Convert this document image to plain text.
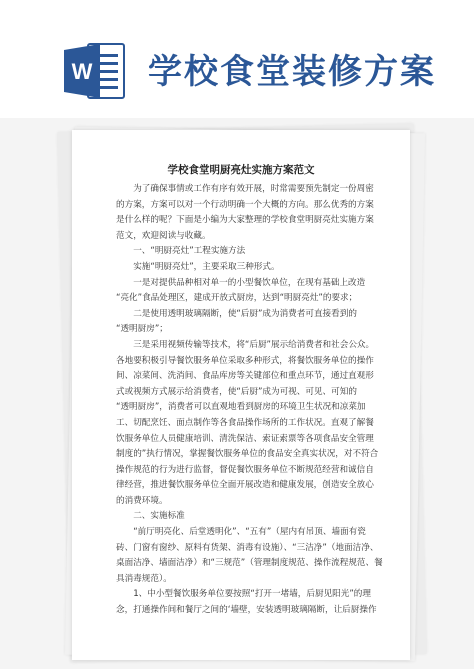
W 学校食堂装修方案
学校食堂明厨亮灶实施方案范文
　　为了确保事情或工作有序有效开展，时常需要预先制定一份周密
的方案，方案可以对一个行动明确一个大概的方向。那么优秀的方案
是什么样的呢？下面是小编为大家整理的学校食堂明厨亮灶实施方案
范文，欢迎阅读与收藏。
　　一、“明厨亮灶”工程实施方法
　　实施“明厨亮灶”，主要采取三种形式。
　　一是对提供品种相对单一的小型餐饮单位，在现有基础上改造
“亮化”食品处理区，建成开放式厨房，达到“明厨亮灶”的要求；
　　二是使用透明玻璃隔断，使“后厨”成为消费者可直接看到的
“透明厨房”；
　　三是采用视频传输等技术，将“后厨”展示给消费者和社会公众。
各地要积极引导餐饮服务单位采取多种形式，将餐饮服务单位的操作
间、凉菜间、洗消间、食品库房等关键部位和重点环节，通过直观形
式或视频方式展示给消费者，使“后厨”成为可视、可见、可知的
“透明厨房”，消费者可以直观地看到厨房的环境卫生状况和凉菜加
工、切配烹饪、面点制作等各食品操作场所的工作状况。直观了解餐
饮服务单位人员健康培训、清洗保洁、索证索票等各项食品安全管理
制度的”执行情况，掌握餐饮服务单位的食品安全真实状况，对不符合
操作规范的行为进行监督，督促餐饮服务单位不断规范经营和诚信自
律经营，推进餐饮服务单位全面开展改造和健康发展，创造安全放心
的消费环境。
　　二、实施标准
　　“前厅明亮化、后堂透明化”、“五有”（屋内有吊顶、墙面有瓷
砖、门窗有窗纱、原料有货架、消毒有设施）、“三洁净”（地面洁净、
桌面洁净、墙面洁净）和“三规范”（管理制度规范、操作流程规范、餐
具消毒规范）。
　　1、中小型餐饮服务单位要按照“打开一堵墙，后厨见阳光”的理
念，打通操作间和餐厅之间的‘墙壁，安装透明玻璃隔断，让后厨操作
